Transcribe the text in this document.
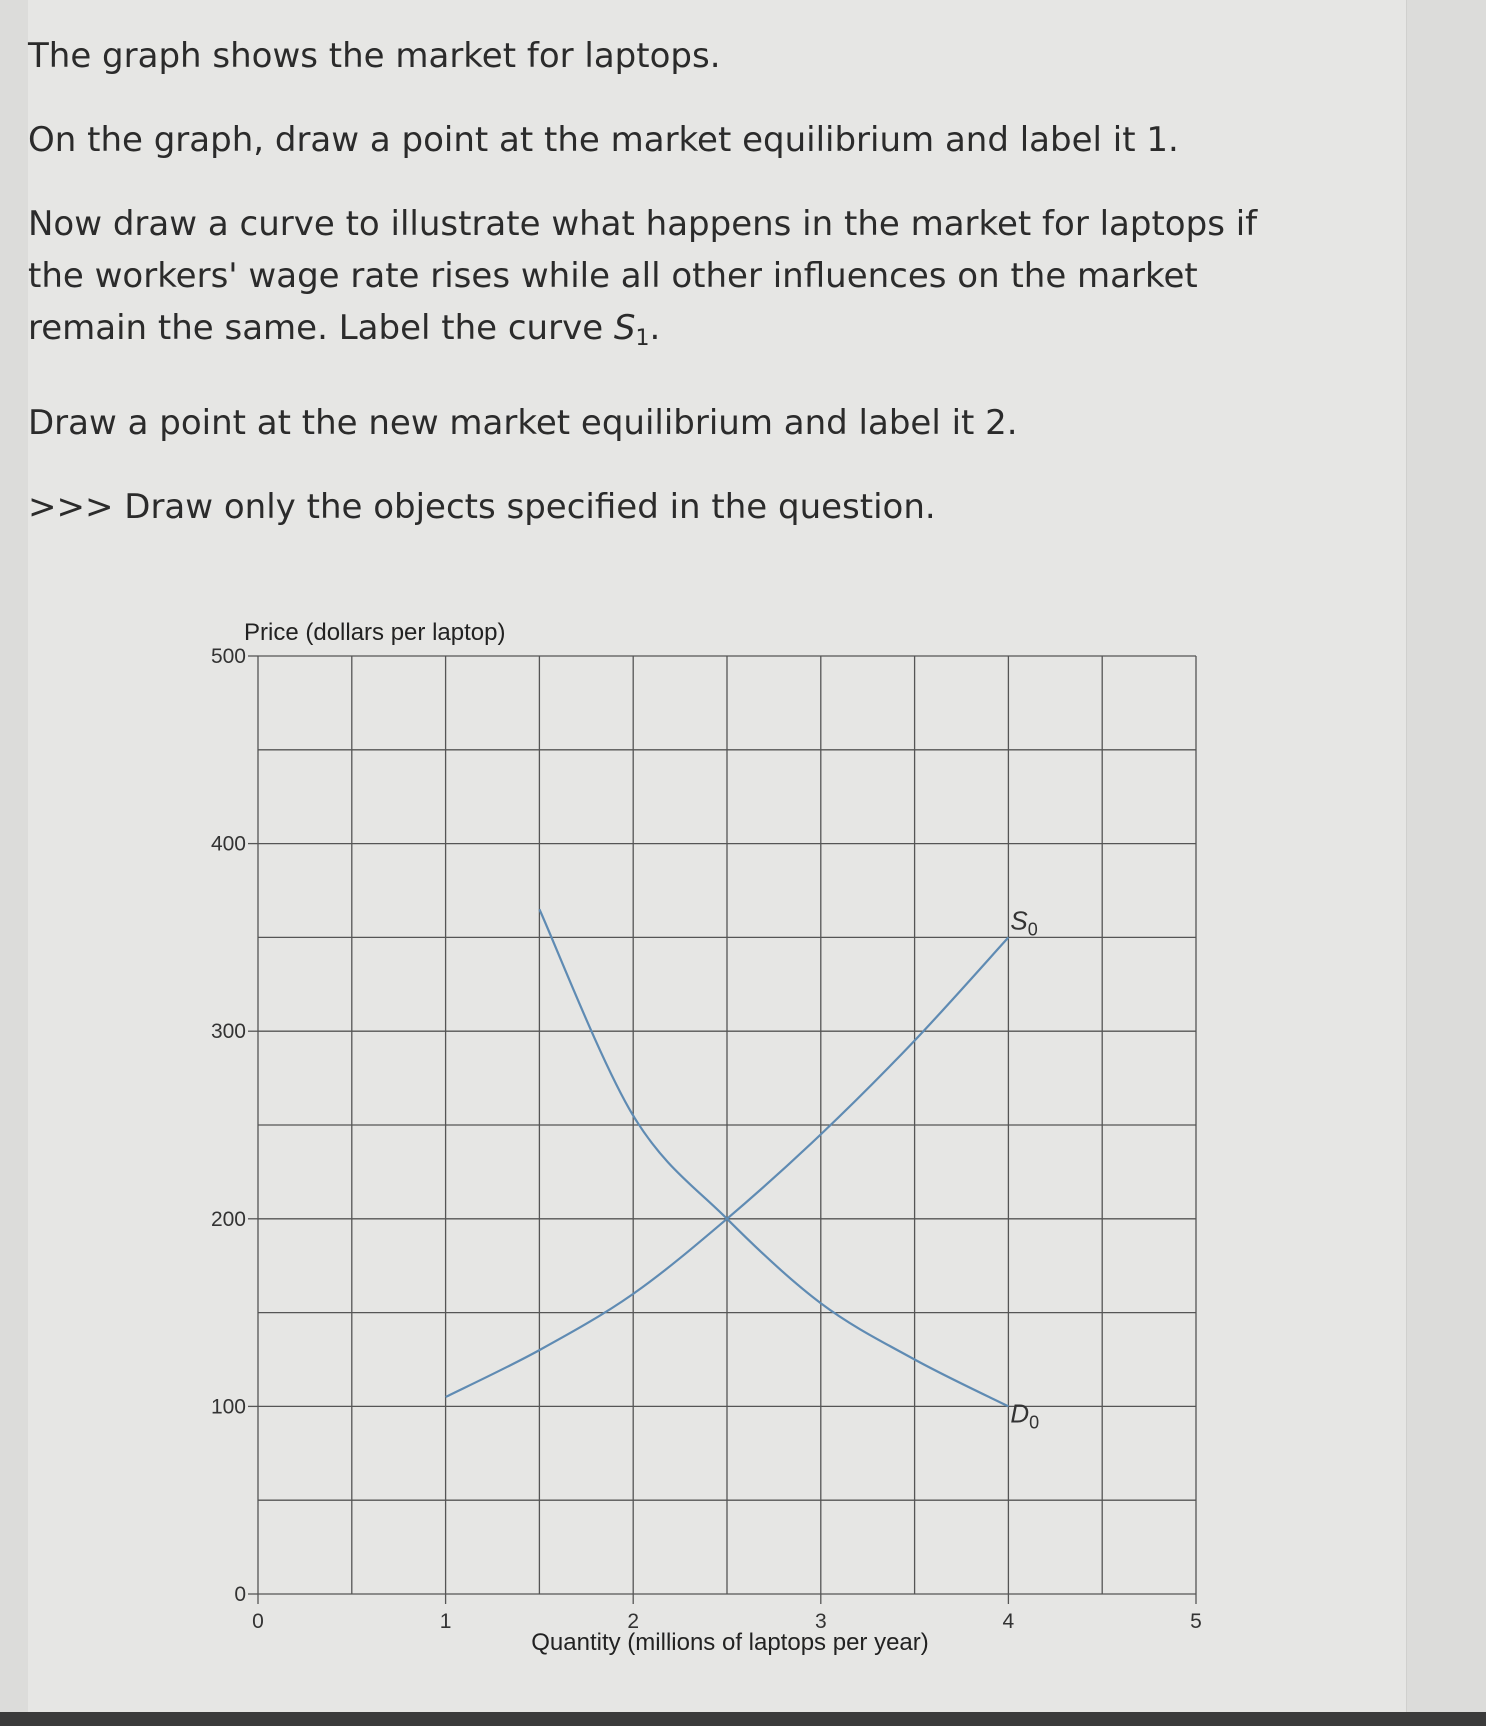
The graph shows the market for laptops.

On the graph, draw a point at the market equilibrium and label it 1.

Now draw a curve to illustrate what happens in the market for laptops if the workers' wage rate rises while all other influences on the market remain the same. Label the curve $S_1$.

Draw a point at the new market equilibrium and label it 2.

>>> Draw only the objects specified in the question.

0
100
200
300
400
500
0	1	2	3	4	5
Price (dollars per laptop)
Quantity (millions of laptops per year)
$S_0$
$D_0$
